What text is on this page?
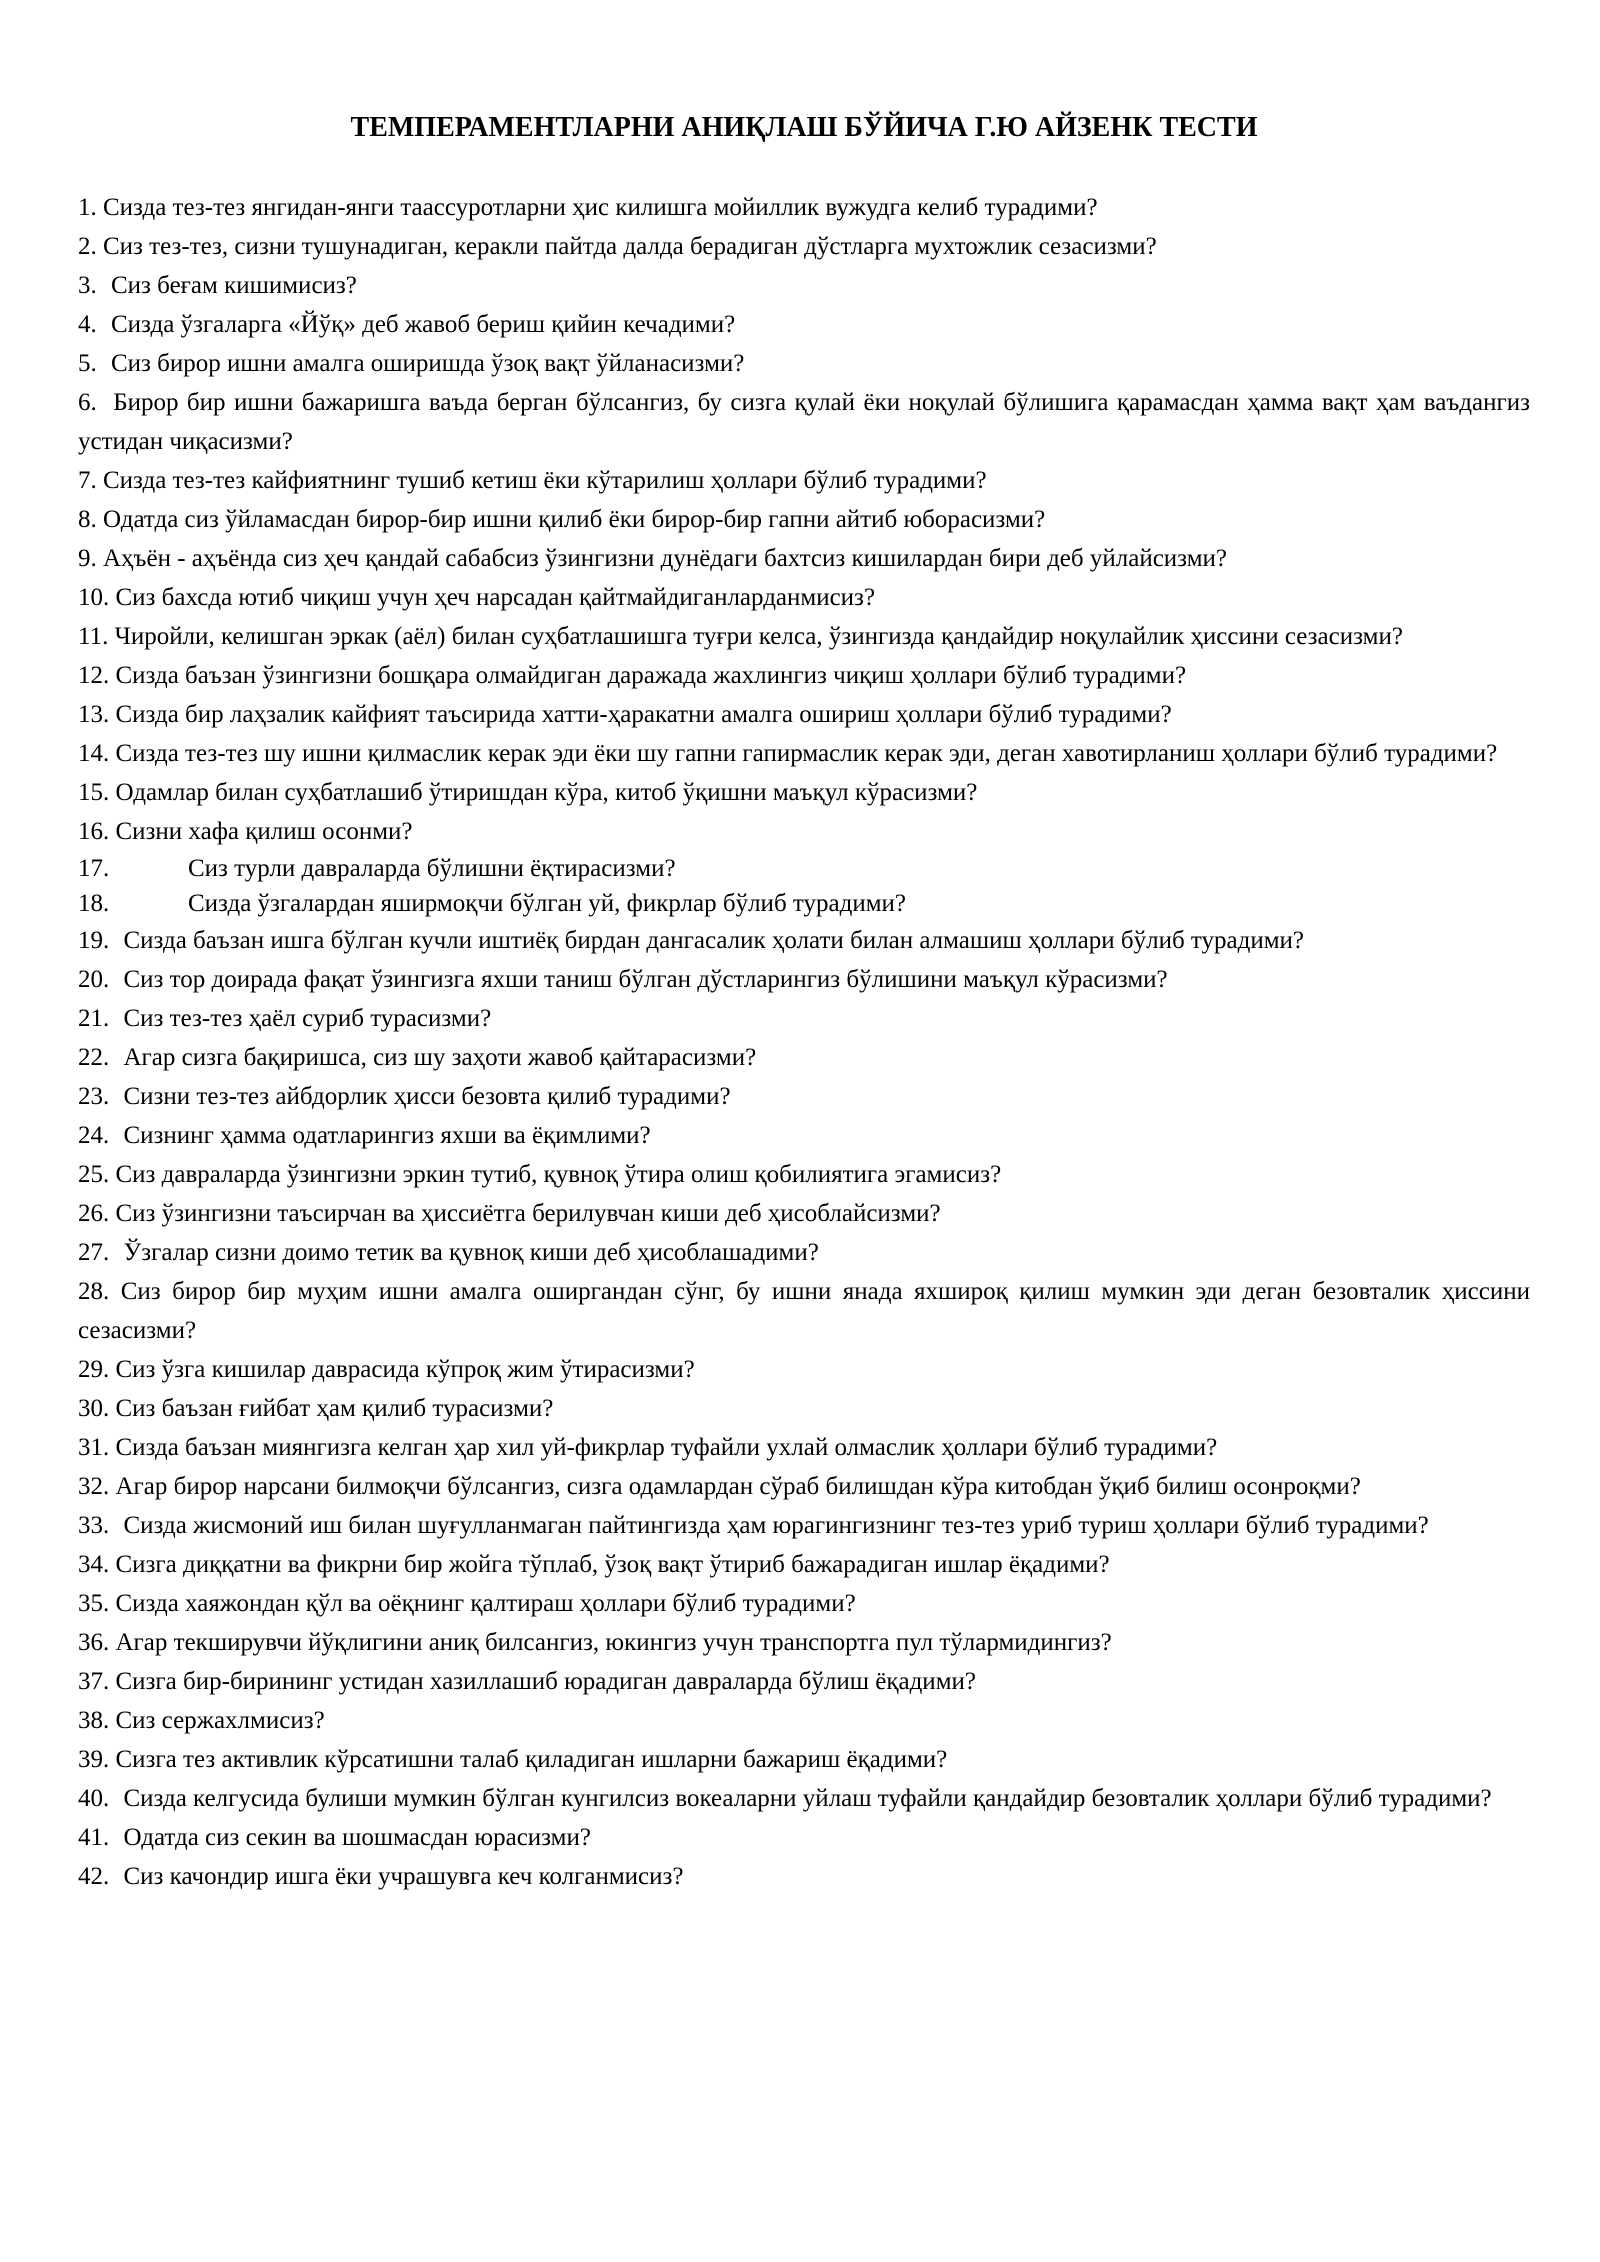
ТЕМПЕРАМЕНТЛАРНИ АНИҚЛАШ БЎЙИЧА Г.Ю АЙЗЕНК ТЕСТИ
1. Сизда тез-тез янгидан-янги таассуротларни ҳис килишга мойиллик вужудга келиб турадими?
2. Сиз тез-тез, сизни тушунадиган, керакли пайтда далда берадиган дўстларга мухтожлик сезасизми?
3. Сиз беғам кишимисиз?
4. Сизда ўзгаларга «Йўқ» деб жавоб бериш қийин кечадими?
5. Сиз бирор ишни амалга оширишда ўзоқ вақт ўйланасизми?
6. Бирор бир ишни бажаришга ваъда берган бўлсангиз, бу сизга қулай ёки ноқулай бўлишига қарамасдан ҳамма вақт ҳам ваъдангиз устидан чиқасизми?
7. Сизда тез-тез кайфиятнинг тушиб кетиш ёки кўтарилиш ҳоллари бўлиб турадими?
8. Одатда сиз ўйламасдан бирор-бир ишни қилиб ёки бирор-бир гапни айтиб юборасизми?
9. Аҳъён - аҳъёнда сиз ҳеч қандай сабабсиз ўзингизни дунёдаги бахтсиз кишилардан бири деб уйлайсизми?
10. Сиз бахсда ютиб чиқиш учун ҳеч нарсадан қайтмайдиганлардан​мисиз?
11. Чиройли, келишган эркак (аёл) билан суҳбатлашишга туғри келса, ўзингизда қандайдир ноқулайлик ҳиссини сезасизми?
12. Сизда баъзан ўзингизни бошқара олмайдиган даражада жахлингиз чиқиш ҳоллари бўлиб турадими?
13. Сизда бир лаҳзалик кайфият таъсирида хатти-ҳаракатни амалга ошириш ҳоллари бўлиб турадими?
14. Сизда тез-тез шу ишни қилмаслик керак эди ёки шу гапни гапирмаслик керак эди, деган хавотирланиш ҳоллари бўлиб турадими?
15. Одамлар билан суҳбатлашиб ўтиришдан кўра, китоб ўқишни маъқул кўрасизми?
16. Сизни хафа қилиш осонми?
17.	Сиз турли давраларда бўлишни ёқтирасизми?
18.	Сизда ўзгалардан яширмоқчи бўлган уй, фикрлар бўлиб турадими?
19. Сизда баъзан ишга бўлган кучли иштиёқ бирдан дангасалик ҳолати билан алмашиш ҳоллари бўлиб турадими?
20. Сиз тор доирада фақат ўзингизга яхши таниш бўлган дўстларингиз бўлишини маъқул кўрасизми?
21. Сиз тез-тез ҳаёл суриб турасизми?
22. Агар сизга бақиришса, сиз шу заҳоти жавоб қайтарасизми?
23. Сизни тез-тез айбдорлик ҳисси безовта қилиб турадими?
24. Сизнинг ҳамма одатларингиз яхши ва ёқимлими?
25. Сиз давраларда ўзингизни эркин тутиб, қувноқ ўтира олиш қобилиятига эгамисиз?
26. Сиз ўзингизни таъсирчан ва ҳиссиётга берилувчан киши деб ҳисоблайсизми?
27. Ўзгалар сизни доимо тетик ва қувноқ киши деб ҳисоблашадими?
28. Сиз бирор бир муҳим ишни амалга оширгандан сўнг, бу ишни янада яхшироқ қилиш мумкин эди деган безовталик ҳиссини сезасизми?
29. Сиз ўзга кишилар даврасида кўпроқ жим ўтирасизми?
30. Сиз баъзан ғийбат ҳам қилиб турасизми?
31. Сизда баъзан миянгизга келган ҳар хил уй-фикрлар туфайли ухлай олмаслик ҳоллари бўлиб турадими?
32. Агар бирор нарсани билмоқчи бўлсангиз, сизга одамлардан сўраб билишдан кўра китобдан ўқиб билиш осонроқми?
33. Сизда жисмоний иш билан шуғулланмаган пайтингизда ҳам юрагингизнинг тез-тез уриб туриш ҳоллари бўлиб турадими?
34. Сизга диққатни ва фикрни бир жойга тўплаб, ўзоқ вақт ўтириб бажарадиган ишлар ёқадими?
35. Сизда хаяжондан қўл ва оёқнинг қалтираш ҳоллари бўлиб турадими?
36. Агар текширувчи йўқлигини аниқ билсангиз, юкингиз учун транспортга пул тўлармидингиз?
37. Сизга бир-бирининг устидан хазиллашиб юрадиган давраларда бўлиш ёқадими?
38. Сиз сержахлмисиз?
39. Сизга тез активлик кўрсатишни талаб қиладиган ишларни бажариш ёқадими?
40. Сизда келгусида булиши мумкин бўлган кунгилсиз вокеаларни уйлаш туфайли қандайдир безовталик ҳоллари бўлиб турадими?
41. Одатда сиз секин ва шошмасдан юрасизми?
42. Сиз качондир ишга ёки учрашувга кеч колганмисиз?
